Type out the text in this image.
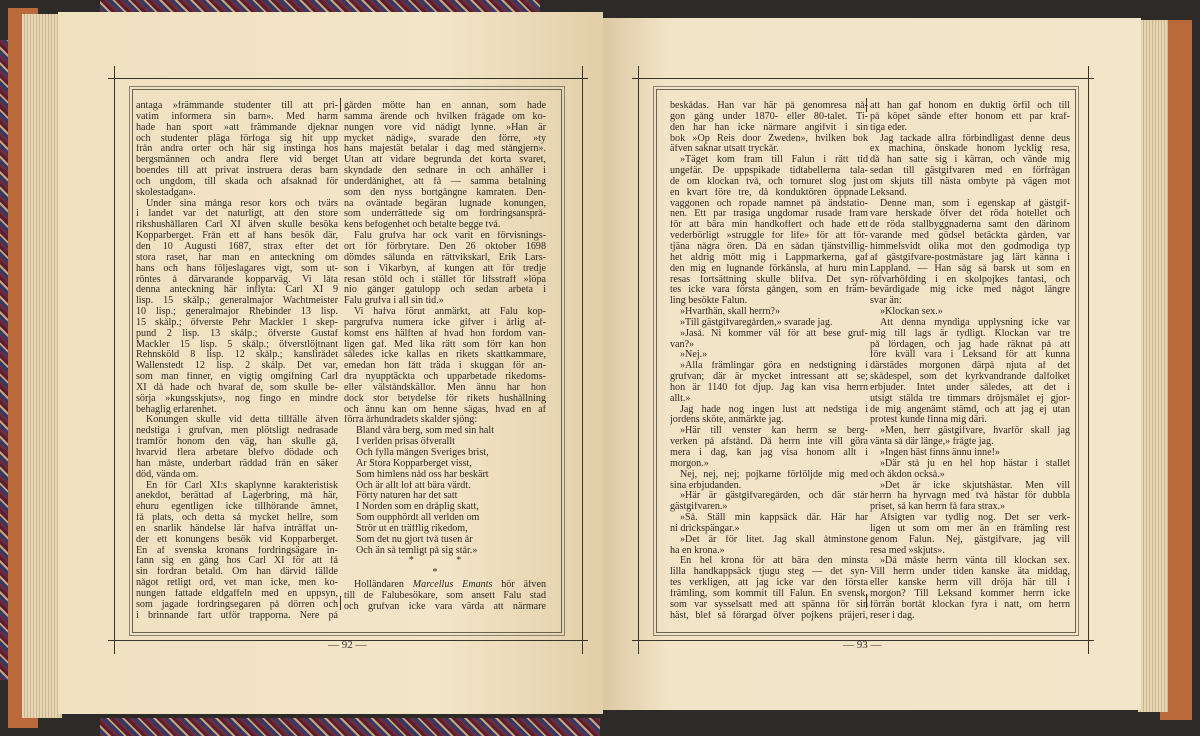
antaga »främmande studenter till att pri-
vatim informera sin barn». Med harm
hade han sport »att främmande djeknar
och studenter pläga förfoga sig hit upp
från andra orter och här sig instinga hos
bergsmännen och andra flere vid berget
boendes till att privat instruera deras barn
och ungdom, till skada och afsaknad för
skolestadgan».
Under sina många resor kors och tvärs
i landet var det naturligt, att den store
rikshushållaren Carl XI äfven skulle besöka
Kopparberget. Från ett af hans besök där,
den 10 Augusti 1687, strax efter det
stora raset, har man en anteckning om
hans och hans följeslagares vigt, som ut-
röntes å därvarande kopparväg. Vi låta
denna anteckning här inflyta: Carl XI 9
lisp. 15 skålp.; generalmajor Wachtmeister
10 lisp.; generalmajor Rhebinder 13 lisp.
15 skålp.; öfverste Pehr Mackler 1 skep-
pund 2 lisp. 13 skålp.; öfverste Gustaf
Mackler 15 lisp. 5 skålp.; öfverstlöjtnant
Rehnsköld 8 lisp. 12 skålp.; kanslirådet
Wallenstedt 12 lisp. 2 skålp. Det var,
som man finner, en vigtig omgifning Carl
XI då hade och hvaraf de, som skulle be-
sörja »kungsskjuts», nog fingo en mindre
behaglig erfarenhet.
Konungen skulle vid detta tillfälle äfven
nedstiga i grufvan, men plötsligt nedrasade
framför honom den väg, han skulle gå,
hvarvid flera arbetare blefvo dödade och
han måste, underbart räddad från en säker
död, vända om.
En för Carl XI:s skaplynne karakteristisk
anekdot, berättad af Lagerbring, må här,
ehuru egentligen icke tillhörande ämnet,
få plats, och detta så mycket hellre, som
en snarlik händelse lär hafva inträffat un-
der ett konungens besök vid Kopparberget.
En af svenska kronans fordringsägare in-
fann sig en gång hos Carl XI för att få
sin fordran betald. Om han därvid fällde
något retligt ord, vet man icke, men ko-
nungen fattade eldgaffeln med en uppsyn,
som jagade fordringsegaren på dörren och
i brinnande fart utför trapporna. Nere på
gården mötte han en annan, som hade
samma ärende och hvilken frågade om ko-
nungen vore vid nådigt lynne. »Han är
mycket nådig», svarade den förre, »ty
hans majestät betalar i dag med stångjern».
Utan att vidare begrunda det korta svaret,
skyndade den sednare in och anhåller i
underdånighet, att få — samma betalning
som den nyss bortgångne kamraten. Den-
na oväntade begäran lugnade konungen,
som underrättede sig om fordringsansprå-
kens befogenhet och betalte begge två.
Falu grufva har ock varit en förvisnings-
ort för förbrytare. Den 26 oktober 1698
dömdes sålunda en rättvikskarl, Erik Lars-
son i Vikarbyn, af kungen att för tredje
resan stöld och i stället för lifsstraff »löpa
nio gånger gatulopp och sedan arbeta i
Falu grufva i all sin tid.»
Vi hafva förut anmärkt, att Falu kop-
pargrufva numera icke gifver i årlig af-
komst ens hälften af hvad hon fordom van-
ligen gaf. Med lika rätt som förr kan hon
således icke kallas en rikets skattkammare,
emedan hon fått träda i skuggan för an-
dra nyupptäckta och upparbetade rikedoms-
eller välståndskällor. Men ännu har hon
dock stor betydelse för rikets hushållning
och ännu kan om henne sägas, hvad en af
förra århundradets skalder sjöng:
Bland våra berg, som med sin halt
I verlden prisas öfverallt
Och fylla mången Sveriges brist,
Är Stora Kopparberget visst,
Som himlens nåd oss har beskärt
Och är allt lof att bära värdt.
Förty naturen har det satt
I Norden som en dråplig skatt,
Som oupphördt all verlden om
Strör ut en träfflig rikedom,
Som det nu gjort två tusen år
Och än så temligt på sig står.»
* *
*
Holländaren Marcellus Emants hör äfven
till de Falubesökare, som ansett Falu stad
och grufvan icke vara värda att närmare
beskådas. Han var här på genomresa nå-
gon gång under 1870- eller 80-talet. Ti-
den har han icke närmare angifvit i sin
bok »Op Reis door Zweden», hvilken bok
äfven saknar utsatt tryckår.
»Täget kom fram till Falun i rätt tid
ungefär. De uppspikade tidtabellerna tala-
de om klockan två, och tornuret slog just
en kvart före tre, då konduktören öppnade
vaggonen och ropade namnet på ändstatio-
nen. Ett par trasiga ungdomar rusade fram
för att bära min handkoffert och hade ett
vederbörligt »struggle for life» för att för-
tjäna några ören. Då en sådan tjänstvillig-
het aldrig mött mig i Lappmarkerna, gaf
den mig en lugnande förkänsla, af huru min
resas fortsättning skulle blifva. Det syn-
tes icke vara första gången, som en främ-
ling besökte Falun.
»Hvarthän, skall herrn?»
»Till gästgifvaregården,» svarade jag.
»Jaså. Ni kommer väl för att bese gruf-
van?»
»Nej.»
»Alla främlingar göra en nedstigning i
grufvan; där är mycket intressant att se;
hon är 1140 fot djup. Jag kan visa herrn
allt.»
Jag hade nog ingen lust att nedstiga i
jordens sköte, anmärkte jag.
»Här till venster kan herrn se berg-
verken på afstånd. Då herrn inte vill göra
mera i dag, kan jag visa honom allt i
morgon.»
Nej, nej, nej; pojkarne förföljde mig med
sina erbjudanden.
»Här är gästgifvaregården, och där står
gästgifvaren.»
»Så. Ställ min kappsäck där. Här har
ni drickspängar.»
»Det är för litet. Jag skall åtminstone
ha en krona.»
En hel krona för att bära den minsta
lilla handkappsäck tjugu steg — det syn-
tes verkligen, att jag icke var den första
främling, som kommit till Falun. En svensk,
som var sysselsatt med att spänna för sin
häst, blef så förargad öfver pojkens präjeri,
att han gaf honom en duktig örfil och till
på köpet sände efter honom ett par kraf-
tiga eder.
Jag tackade allra förbindligast denne deus
ex machina, önskade honom lycklig resa,
då han satte sig i kärran, och vände mig
sedan till gästgifvaren med en förfrågan
om skjuts till nästa ombyte på vägen mot
Leksand.
Denne man, som i egenskap af gästgif-
vare herskade öfver det röda hotellet och
de röda stallbyggnaderna samt den därinom
varande med gödsel betäckta gården, var
himmelsvidt olika mot den godmodiga typ
af gästgifvare-postmästare jag lärt känna i
Lappland. — Han såg så barsk ut som en
röfvarhöfding i en skolpojkes fantasi, och
bevärdigade mig icke med något längre
svar än:
»Klockan sex.»
Att denna myndiga upplysning icke var
mig till lags är tydligt. Klockan var tre
på lördagen, och jag hade räknat på att
före kväll vara i Leksand för att kunna
därstädes morgonen därpå njuta af det
skådespel, som det kyrkvandrande dalfolket
erbjuder. Intet under således, att det i
utsigt stälda tre timmars dröjsmålet ej gjor-
de mig angenämt stämd, och att jag ej utan
protest kunde finna mig däri.
»Men, herr gästgifvare, hvarför skall jag
vänta så där länge,» frågte jag.
»Ingen häst finns ännu inne!»
»Där stå ju en hel hop hästar i stallet
och åkdon också.»
»Det är icke skjutshästar. Men vill
herrn ha hyrvagn med två hästar för dubbla
priset, så kan herrn få fara strax.»
Afsigten var tydlig nog. Det ser verk-
ligen ut som om mer än en främling rest
genom Falun. Nej, gästgifvare, jag vill
resa med »skjuts».
»Då måste herrn vänta till klockan sex.
Vill herrn under tiden kanske äta middag,
eller kanske herrn vill dröja här till i
morgon? Till Leksand kommer herrn icke
förrän bortåt klockan fyra i natt, om herrn
reser i dag.
— 92 —	— 93 —
